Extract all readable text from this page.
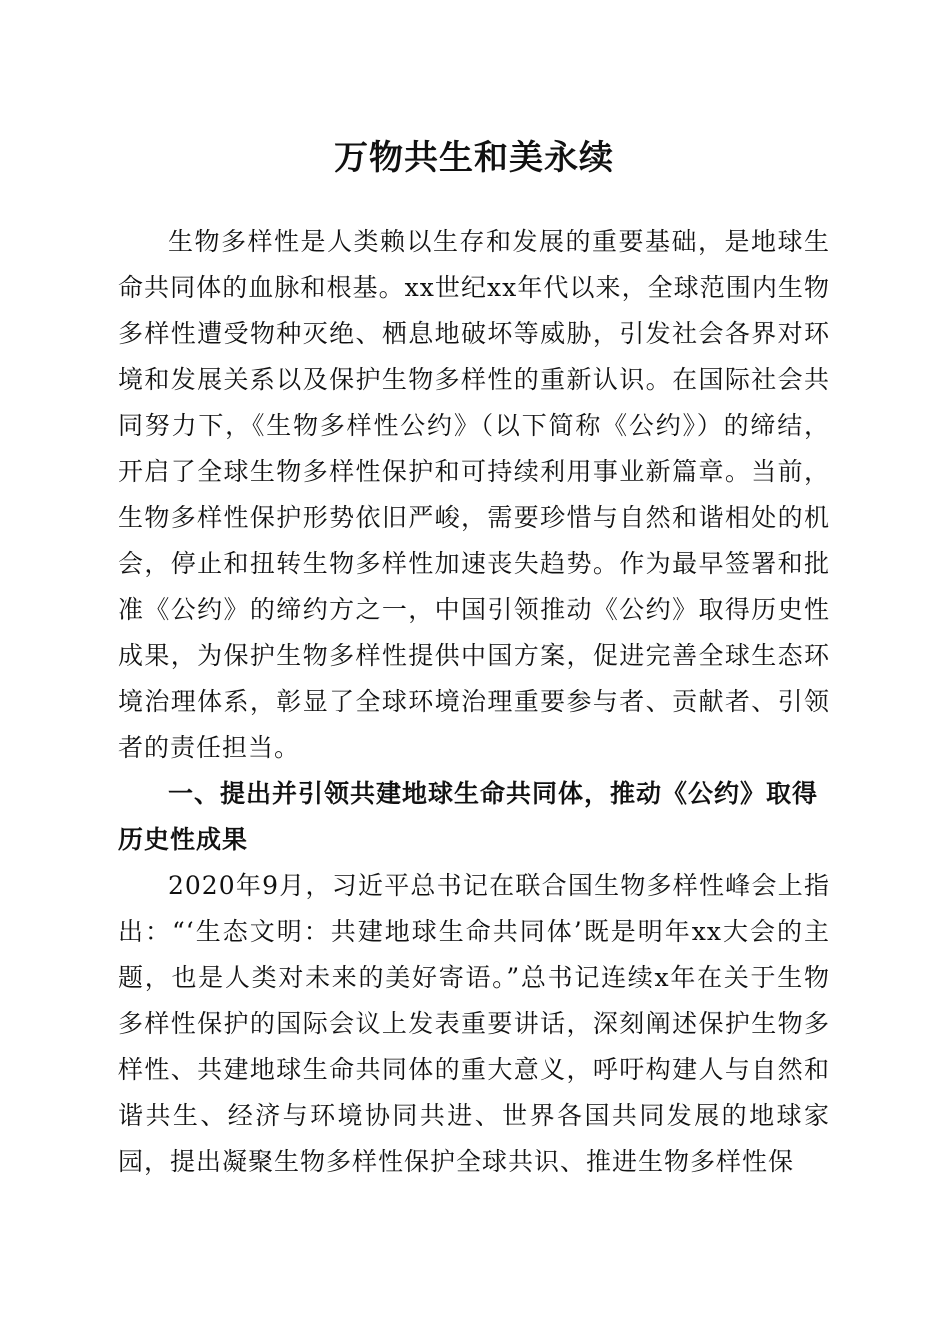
万物共生和美永续

生物多样性是人类赖以生存和发展的重要基础，是地球生命共同体的血脉和根基。xx世纪xx年代以来，全球范围内生物多样性遭受物种灭绝、栖息地破坏等威胁，引发社会各界对环境和发展关系以及保护生物多样性的重新认识。在国际社会共同努力下，《生物多样性公约》（以下简称《公约》）的缔结，开启了全球生物多样性保护和可持续利用事业新篇章。当前，生物多样性保护形势依旧严峻，需要珍惜与自然和谐相处的机会，停止和扭转生物多样性加速丧失趋势。作为最早签署和批准《公约》的缔约方之一，中国引领推动《公约》取得历史性成果，为保护生物多样性提供中国方案，促进完善全球生态环境治理体系，彰显了全球环境治理重要参与者、贡献者、引领者的责任担当。

一、提出并引领共建地球生命共同体，推动《公约》取得历史性成果

2020年9月，习近平总书记在联合国生物多样性峰会上指出：“‘生态文明：共建地球生命共同体’既是明年xx大会的主题，也是人类对未来的美好寄语。”总书记连续x年在关于生物多样性保护的国际会议上发表重要讲话，深刻阐述保护生物多样性、共建地球生命共同体的重大意义，呼吁构建人与自然和谐共生、经济与环境协同共进、世界各国共同发展的地球家园，提出凝聚生物多样性保护全球共识、推进生物多样性保
